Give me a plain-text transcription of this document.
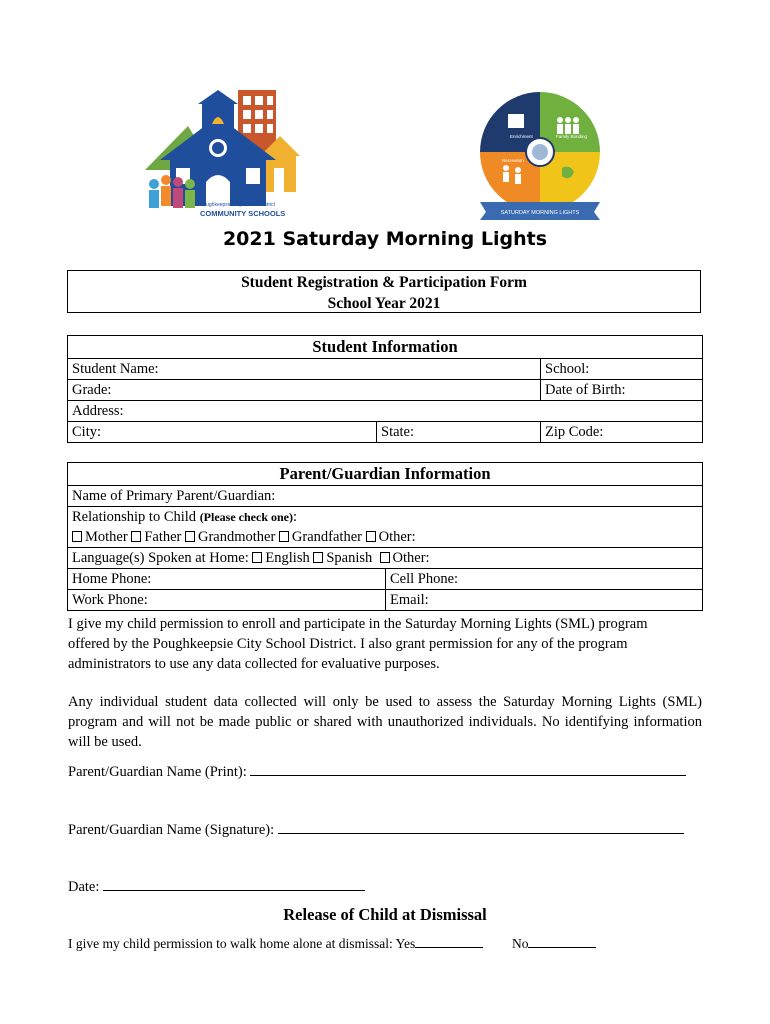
Poughkeepsie City School District
COMMUNITY SCHOOLS
Enrichment	Family Bonding
Recreation
SATURDAY MORNING LIGHTS
2021 Saturday Morning Lights
Student Registration & Participation Form
School Year 2021
Student Information		
Student Name:		School:
Grade:		Date of Birth:
Address:		
City:	State:	Zip Code:
Parent/Guardian Information	
Name of Primary Parent/Guardian:	
Relationship to Child (Please check one):	
Mother Father Grandmother Grandfather Other:	
Language(s) Spoken at Home: English Spanish Other:	
Home Phone:	Cell Phone:
Work Phone:	Email:
I give my child permission to enroll and participate in the Saturday Morning Lights (SML) program
offered by the Poughkeepsie City School District. I also grant permission for any of the program
administrators to use any data collected for evaluative purposes.
Any individual student data collected will only be used to assess the Saturday Morning Lights (SML) program and will not be made public or shared with unauthorized individuals. No identifying information will be used.
Parent/Guardian Name (Print):
Parent/Guardian Name (Signature):
Date:
Release of Child at Dismissal
I give my child permission to walk home alone at dismissal: Yes	No
